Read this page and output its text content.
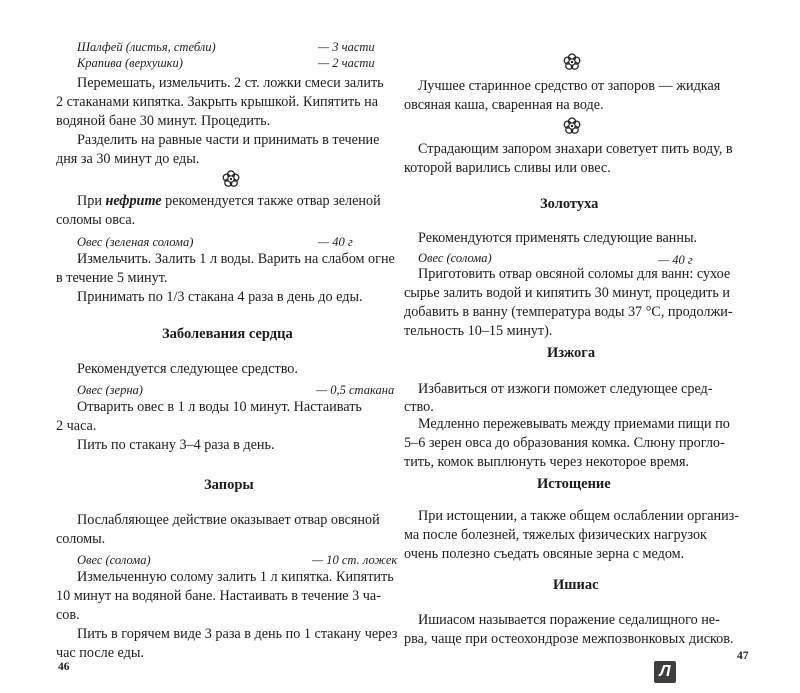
Шалфей (листья, стебли)	— 3 части
Крапива (верхушки)	— 2 части
Перемешать, измельчить. 2 ст. ложки смеси залить
2 стаканами кипятка. Закрыть крышкой. Кипятить на
водяной бане 30 минут. Процедить.
Разделить на равные части и принимать в течение
дня за 30 минут до еды.
При нефрите рекомендуется также отвар зеленой
соломы овса.
Овес (зеленая солома)	— 40 г
Измельчить. Залить 1 л воды. Варить на слабом огне
в течение 5 минут.
Принимать по 1/3 стакана 4 раза в день до еды.
Заболевания сердца
Рекомендуется следующее средство.
Овес (зерна)	— 0,5 стакана
Отварить овес в 1 л воды 10 минут. Настаивать
2 часа.
Пить по стакану 3–4 раза в день.
Запоры
Послабляющее действие оказывает отвар овсяной
соломы.
Овес (солома)	— 10 ст. ложек
Измельченную солому залить 1 л кипятка. Кипятить
10 минут на водяной бане. Настаивать в течение 3 ча-
сов.
Пить в горячем виде 3 раза в день по 1 стакану через
час после еды.
46
Лучшее старинное средство от запоров — жидкая
овсяная каша, сваренная на воде.
Страдающим запором знахари советует пить воду, в
которой варились сливы или овес.
Золотуха
Рекомендуются применять следующие ванны.
Овес (солома)	— 40 г
Приготовить отвар овсяной соломы для ванн: сухое
сырье залить водой и кипятить 30 минут, процедить и
добавить в ванну (температура воды 37 °С, продолжи-
тельность 10–15 минут).
Изжога
Избавиться от изжоги поможет следующее сред-
ство.
Медленно пережевывать между приемами пищи по
5–6 зерен овса до образования комка. Слюну прогло-
тить, комок выплюнуть через некоторое время.
Истощение
При истощении, а также общем ослаблении организ-
ма после болезней, тяжелых физических нагрузок
очень полезно съедать овсяные зерна с медом.
Ишиас
Ишиасом называется поражение седалищного не-
рва, чаще при остеохондрозе межпозвонковых дисков.
47
Л
